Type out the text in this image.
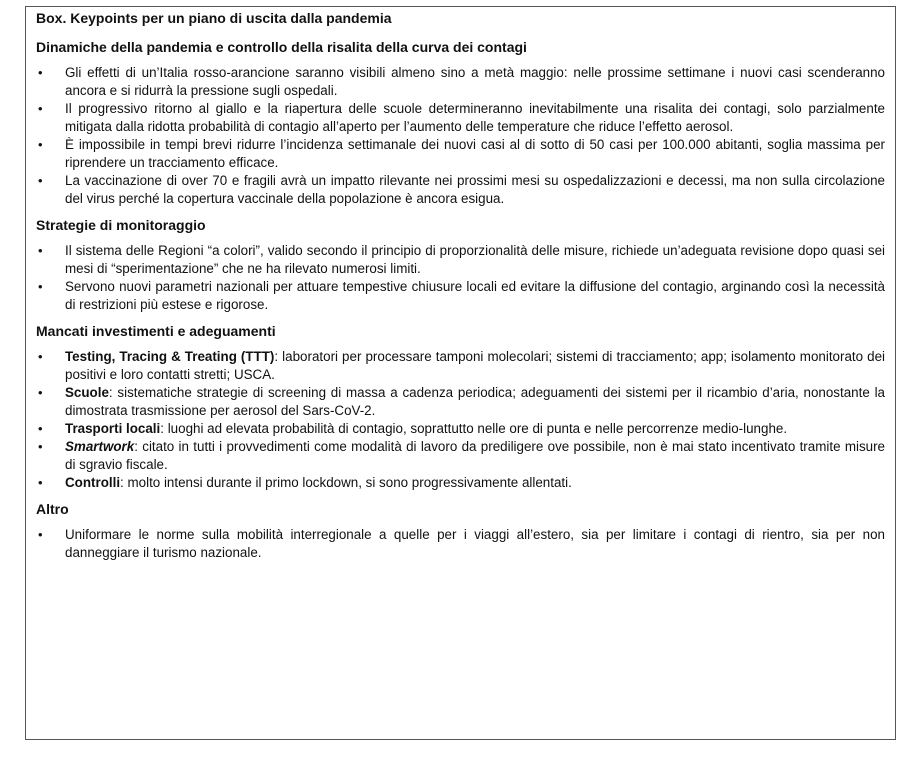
Box. Keypoints per un piano di uscita dalla pandemia
Dinamiche della pandemia e controllo della risalita della curva dei contagi
• Gli effetti di un’Italia rosso-arancione saranno visibili almeno sino a metà maggio: nelle prossime settimane i nuovi casi scenderanno ancora e si ridurrà la pressione sugli ospedali.
• Il progressivo ritorno al giallo e la riapertura delle scuole determineranno inevitabilmente una risalita dei contagi, solo parzialmente mitigata dalla ridotta probabilità di contagio all’aperto per l’aumento delle temperature che riduce l’effetto aerosol.
• È impossibile in tempi brevi ridurre l’incidenza settimanale dei nuovi casi al di sotto di 50 casi per 100.000 abitanti, soglia massima per riprendere un tracciamento efficace.
• La vaccinazione di over 70 e fragili avrà un impatto rilevante nei prossimi mesi su ospedalizzazioni e decessi, ma non sulla circolazione del virus perché la copertura vaccinale della popolazione è ancora esigua.
Strategie di monitoraggio
• Il sistema delle Regioni “a colori”, valido secondo il principio di proporzionalità delle misure, richiede un’adeguata revisione dopo quasi sei mesi di “sperimentazione” che ne ha rilevato numerosi limiti.
• Servono nuovi parametri nazionali per attuare tempestive chiusure locali ed evitare la diffusione del contagio, arginando così la necessità di restrizioni più estese e rigorose.
Mancati investimenti e adeguamenti
• Testing, Tracing & Treating (TTT): laboratori per processare tamponi molecolari; sistemi di tracciamento; app; isolamento monitorato dei positivi e loro contatti stretti; USCA.
• Scuole: sistematiche strategie di screening di massa a cadenza periodica; adeguamenti dei sistemi per il ricambio d’aria, nonostante la dimostrata trasmissione per aerosol del Sars-CoV-2.
• Trasporti locali: luoghi ad elevata probabilità di contagio, soprattutto nelle ore di punta e nelle percorrenze medio-lunghe.
• Smartwork: citato in tutti i provvedimenti come modalità di lavoro da prediligere ove possibile, non è mai stato incentivato tramite misure di sgravio fiscale.
• Controlli: molto intensi durante il primo lockdown, si sono progressivamente allentati.
Altro
• Uniformare le norme sulla mobilità interregionale a quelle per i viaggi all’estero, sia per limitare i contagi di rientro, sia per non danneggiare il turismo nazionale.
